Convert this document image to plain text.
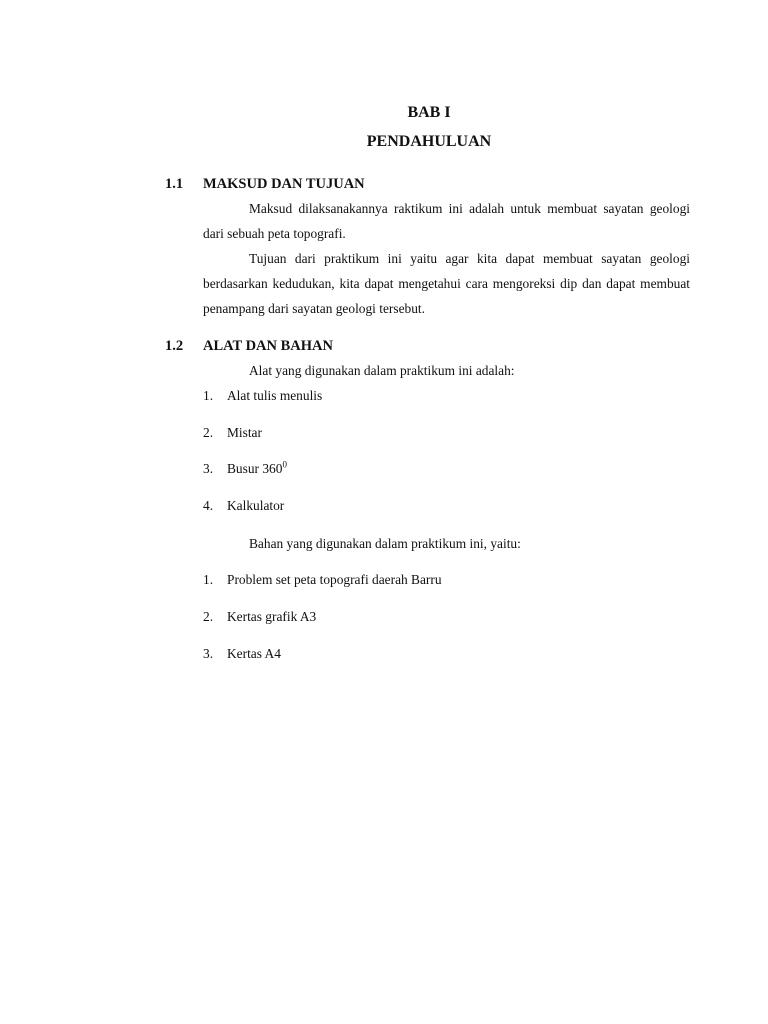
BAB I
PENDAHULUAN
1.1 MAKSUD DAN TUJUAN
Maksud dilaksanakannya raktikum ini adalah untuk membuat sayatan geologi dari sebuah peta topografi.
Tujuan dari praktikum ini yaitu agar kita dapat membuat sayatan geologi berdasarkan kedudukan, kita dapat mengetahui cara mengoreksi dip dan dapat membuat penampang dari sayatan geologi tersebut.
1.2 ALAT DAN BAHAN
Alat yang digunakan dalam praktikum ini adalah:
1. Alat tulis menulis
2. Mistar
3. Busur $360^0$
4. Kalkulator
Bahan yang digunakan dalam praktikum ini, yaitu:
1. Problem set peta topografi daerah Barru
2. Kertas grafik A3
3. Kertas A4
